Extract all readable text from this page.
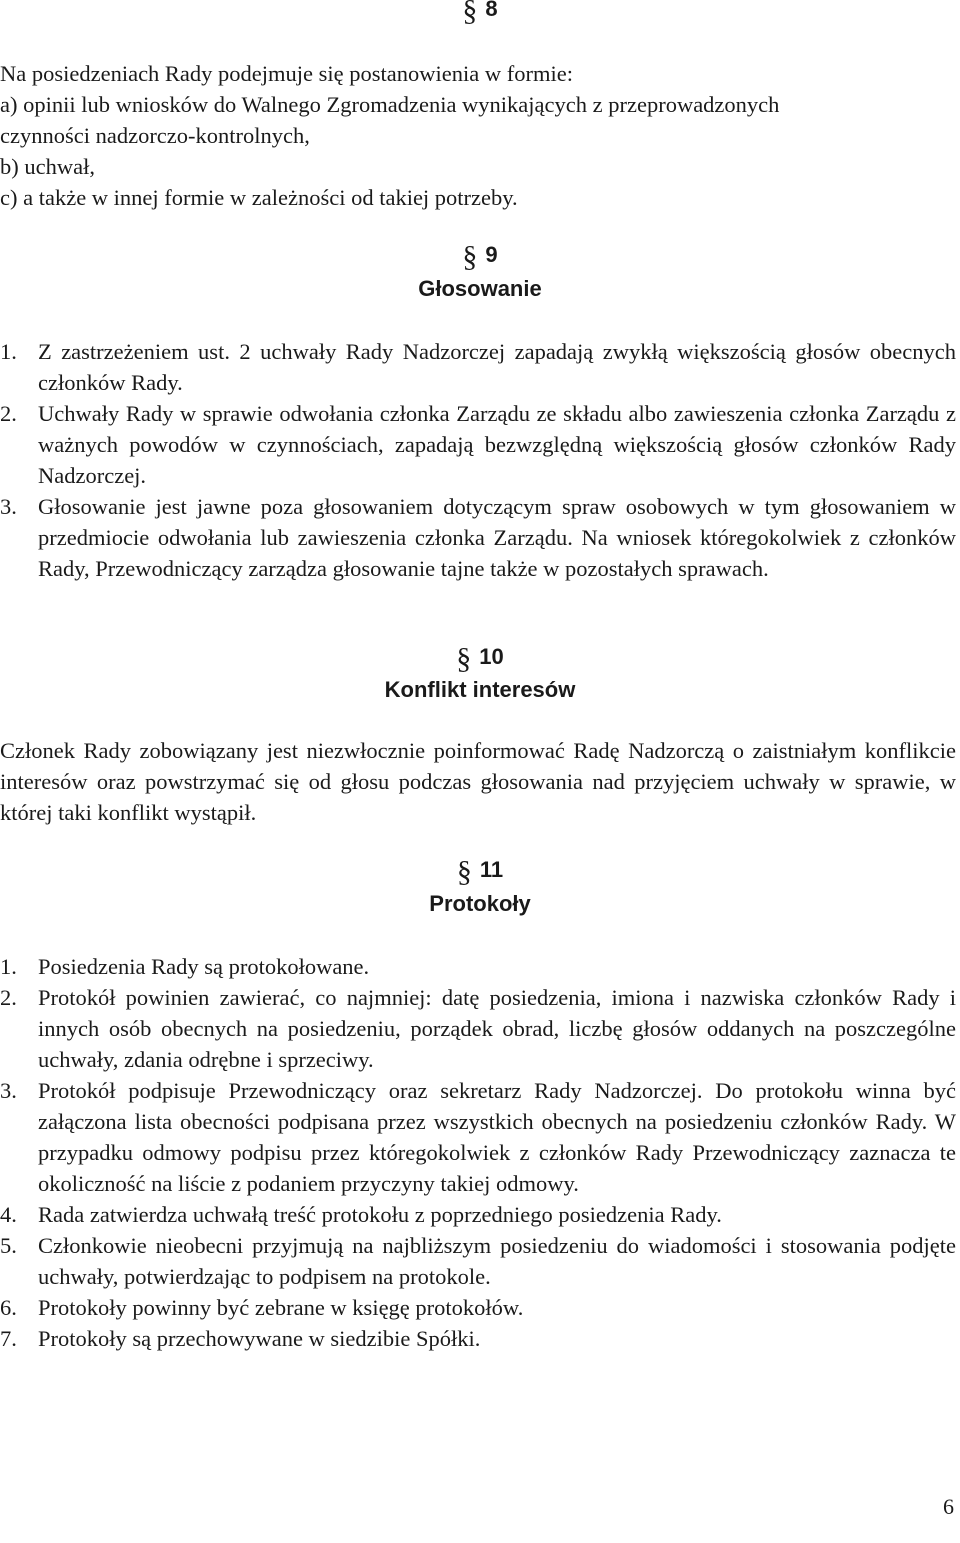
§ 8
Na posiedzeniach Rady podejmuje się postanowienia w formie:
a) opinii lub wniosków do Walnego Zgromadzenia wynikających z przeprowadzonych
czynności nadzorczo-kontrolnych,
b) uchwał,
c) a także w innej formie w zależności od takiej potrzeby.
§ 9
Głosowanie
1. Z zastrzeżeniem ust. 2 uchwały Rady Nadzorczej zapadają zwykłą większością głosów obecnych członków Rady.
2. Uchwały Rady w sprawie odwołania członka Zarządu ze składu albo zawieszenia członka Zarządu z ważnych powodów w czynnościach, zapadają bezwzględną większością głosów członków Rady Nadzorczej.
3. Głosowanie jest jawne poza głosowaniem dotyczącym spraw osobowych w tym głosowaniem w przedmiocie odwołania lub zawieszenia członka Zarządu. Na wniosek któregokolwiek z członków Rady, Przewodniczący zarządza głosowanie tajne także w pozostałych sprawach.
§ 10
Konflikt interesów
Członek Rady zobowiązany jest niezwłocznie poinformować Radę Nadzorczą o zaistniałym konflikcie interesów oraz powstrzymać się od głosu podczas głosowania nad przyjęciem uchwały w sprawie, w której taki konflikt wystąpił.
§ 11
Protokoły
1. Posiedzenia Rady są protokołowane.
2. Protokół powinien zawierać, co najmniej: datę posiedzenia, imiona i nazwiska członków Rady i innych osób obecnych na posiedzeniu, porządek obrad, liczbę głosów oddanych na poszczególne uchwały, zdania odrębne i sprzeciwy.
3. Protokół podpisuje Przewodniczący oraz sekretarz Rady Nadzorczej. Do protokołu winna być załączona lista obecności podpisana przez wszystkich obecnych na posiedzeniu członków Rady. W przypadku odmowy podpisu przez któregokolwiek z członków Rady Przewodniczący zaznacza te okoliczność na liście z podaniem przyczyny takiej odmowy.
4. Rada zatwierdza uchwałą treść protokołu z poprzedniego posiedzenia Rady.
5. Członkowie nieobecni przyjmują na najbliższym posiedzeniu do wiadomości i stosowania podjęte uchwały, potwierdzając to podpisem na protokole.
6. Protokoły powinny być zebrane w księgę protokołów.
7. Protokoły są przechowywane w siedzibie Spółki.
6
